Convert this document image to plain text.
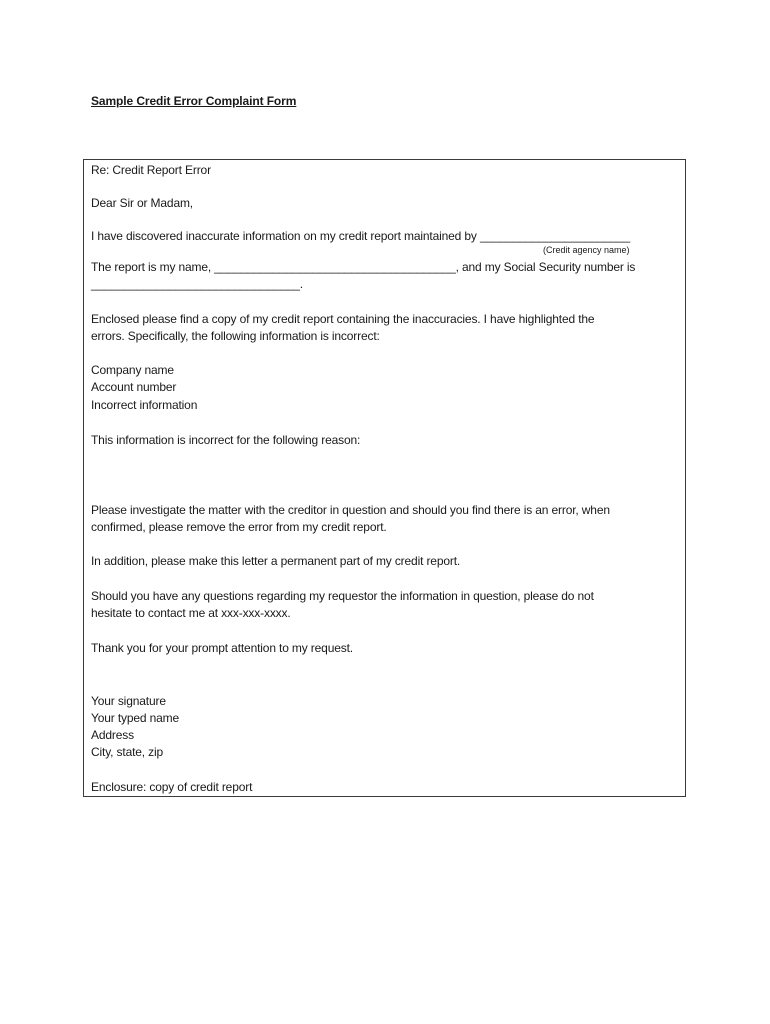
Sample Credit Error Complaint Form
Re: Credit Report Error
Dear Sir or Madam,
I have discovered inaccurate information on my credit report maintained by _______________________
(Credit agency name)
The report is my name, _____________________________________, and my Social Security number is
________________________________.
Enclosed please find a copy of my credit report containing the inaccuracies. I have highlighted the
errors. Specifically, the following information is incorrect:
Company name
Account number
Incorrect information
This information is incorrect for the following reason:
Please investigate the matter with the creditor in question and should you find there is an error, when
confirmed, please remove the error from my credit report.
In addition, please make this letter a permanent part of my credit report.
Should you have any questions regarding my requestor the information in question, please do not
hesitate to contact me at xxx-xxx-xxxx.
Thank you for your prompt attention to my request.
Your signature
Your typed name
Address
City, state, zip
Enclosure: copy of credit report
